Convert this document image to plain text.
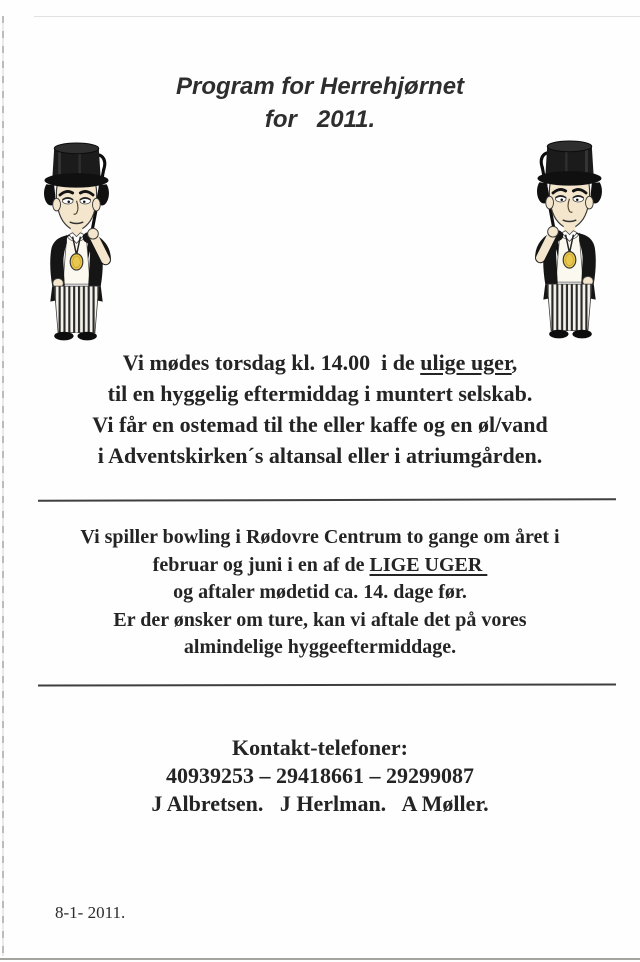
Program for Herrehjørnet
for   2011.

Vi mødes torsdag kl. 14.00  i de ulige uger,

til en hyggelig eftermiddag i muntert selskab.

Vi får en ostemad til the eller kaffe og en øl/vand

i Adventskirken´s altansal eller i atriumgården.

Vi spiller bowling i Rødovre Centrum to gange om året i

februar og juni i en af de LIGE UGER

og aftaler mødetid ca. 14. dage før.

Er der ønsker om ture, kan vi aftale det på vores

almindelige hyggeeftermiddage.

Kontakt-telefoner:

40939253 – 29418661 – 29299087

J Albretsen.   J Herlman.   A Møller.

8-1- 2011.
